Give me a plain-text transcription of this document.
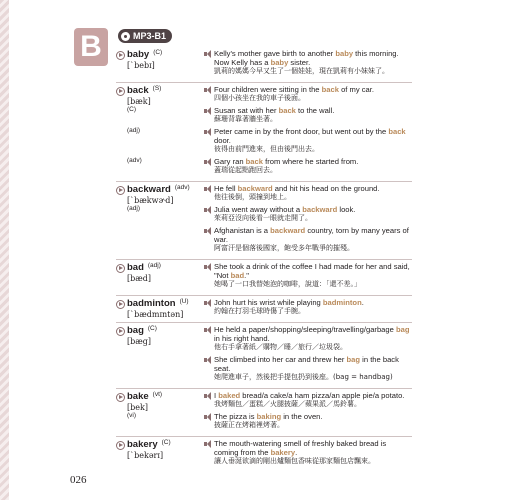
B	MP3-B1
baby (C)
[ˋbebɪ]
Kelly's mother gave birth to another baby this morning. Now Kelly has a baby sister.
凱莉的媽媽今早又生了一個娃娃，現在凱莉有小妹妹了。
back (S)
[bæk]
Four children were sitting in the back of my car.
四個小孩坐在我的車子後面。
(C)	Susan sat with her back to the wall.
蘇珊背靠著牆坐著。
(adj)	Peter came in by the front door, but went out by the back door.
彼得由前門進來，但由後門出去。
(adv)	Gary ran back from where he started from.
蓋瑞從起點跑回去。
backward (adv)
[ˋbækwɚd]
He fell backward and hit his head on the ground.
他往後倒，頭撞到地上。
(adj)	Julia went away without a backward look.
茱莉亞沒向後看一眼就走開了。
Afghanistan is a backward country, torn by many years of war.
阿富汗是個落後國家，飽受多年戰爭的摧殘。
bad (adj)
[bæd]
She took a drink of the coffee I had made for her and said, "Not bad."
她喝了一口我替她泡的咖啡，說道：「還不差。」
badminton (U)
[ˋbædmɪntən]
John hurt his wrist while playing badminton.
約翰在打羽毛球時傷了手腕。
bag (C)
[bæg]
He held a paper/shopping/sleeping/travelling/garbage bag in his right hand.
他右手拿著紙／購物／睡／旅行／垃圾袋。
She climbed into her car and threw her bag in the back seat.
她爬進車子，然後把手提包扔到後座。(bag = handbag)
bake (vt)
[bek]
I baked bread/a cake/a ham pizza/an apple pie/a potato.
我烤麵包／蛋糕／火腿披薩／蘋果派／馬鈴薯。
(vi)	The pizza is baking in the oven.
披薩正在烤箱裡烤著。
bakery (C)
[ˋbekərɪ]
The mouth-watering smell of freshly baked bread is coming from the bakery.
讓人垂涎欲滴的剛出爐麵包香味從那家麵包店飄來。
026
